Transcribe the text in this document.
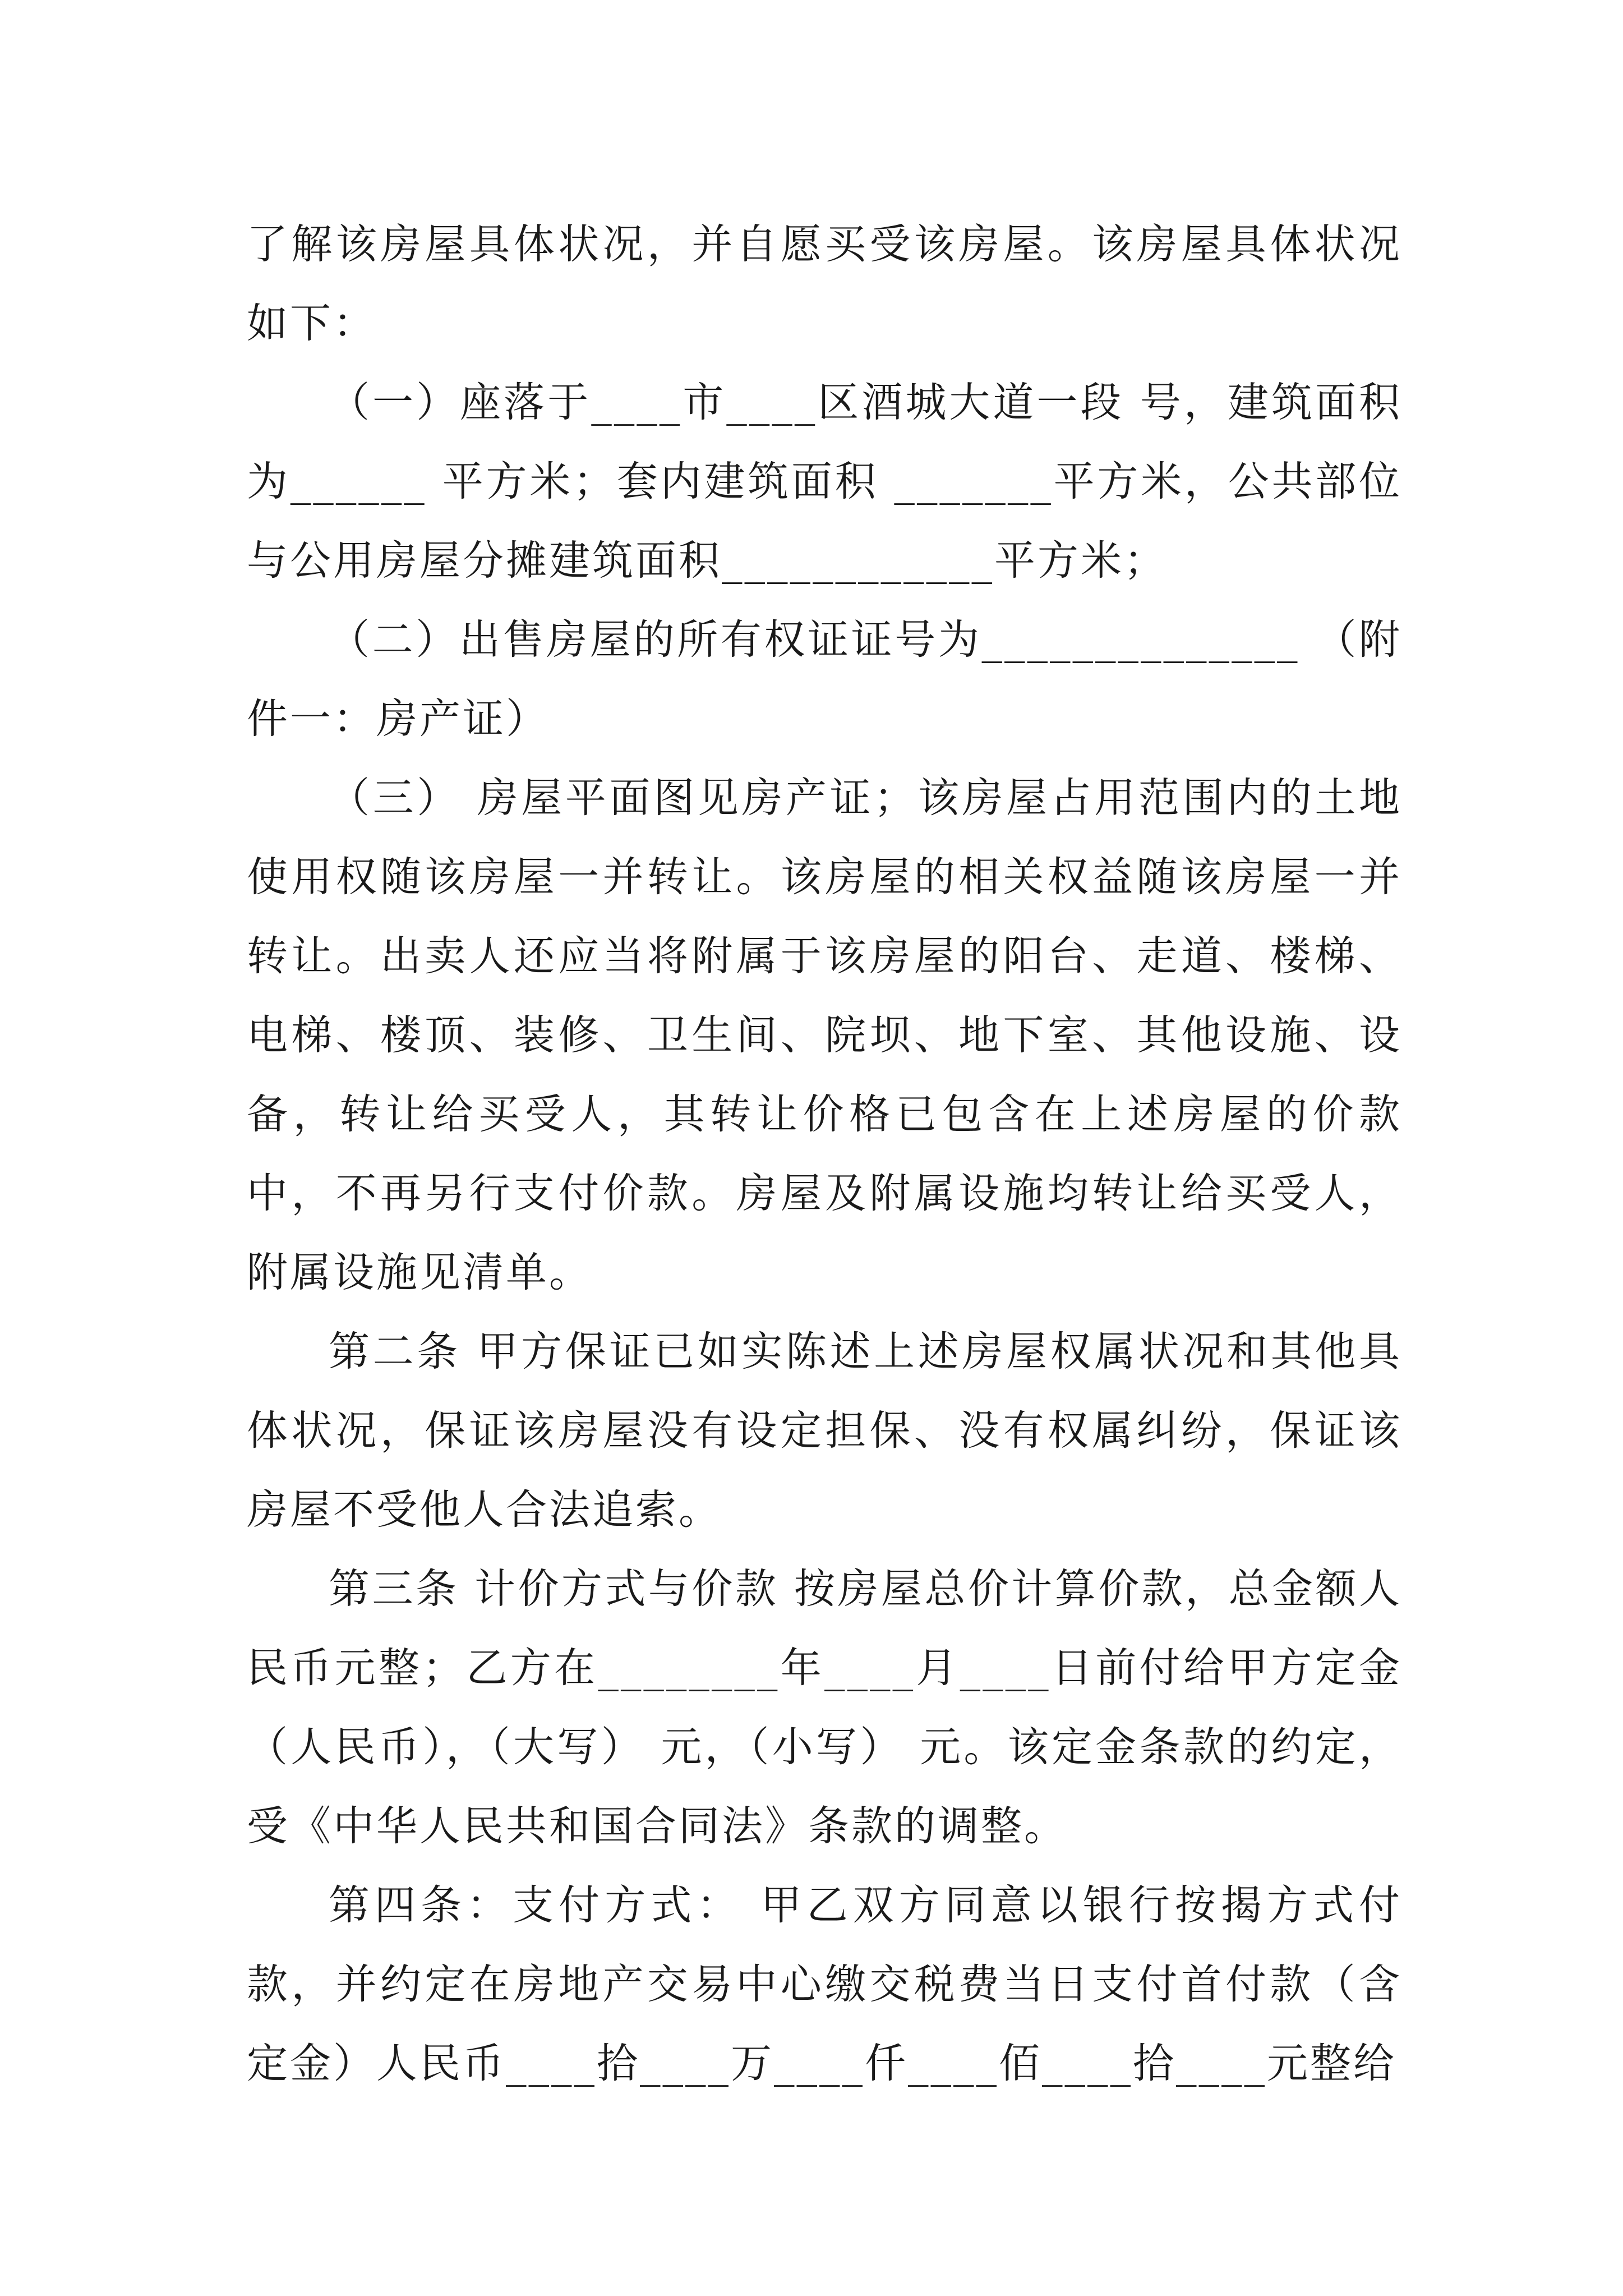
了解该房屋具体状况，并自愿买受该房屋。该房屋具体状况如下：

（一）座落于____市____区酒城大道一段 号，建筑面积为______ 平方米；套内建筑面积 _______平方米，公共部位与公用房屋分摊建筑面积____________平方米；

（二）出售房屋的所有权证证号为______________ （附件一：房产证）

（三） 房屋平面图见房产证；该房屋占用范围内的土地使用权随该房屋一并转让。该房屋的相关权益随该房屋一并转让。出卖人还应当将附属于该房屋的阳台、走道、楼梯、电梯、楼顶、装修、卫生间、院坝、地下室、其他设施、设备，转让给买受人，其转让价格已包含在上述房屋的价款中，不再另行支付价款。房屋及附属设施均转让给买受人，附属设施见清单。

第二条 甲方保证已如实陈述上述房屋权属状况和其他具体状况，保证该房屋没有设定担保、没有权属纠纷，保证该房屋不受他人合法追索。

第三条 计价方式与价款 按房屋总价计算价款，总金额人民币元整；乙方在________年____月____日前付给甲方定金（人民币），（大写） 元，（小写） 元。该定金条款的约定，受《中华人民共和国合同法》条款的调整。

第四条：支付方式： 甲乙双方同意以银行按揭方式付款，并约定在房地产交易中心缴交税费当日支付首付款（含定金）人民币____拾____万____仟____佰____拾____元整给
